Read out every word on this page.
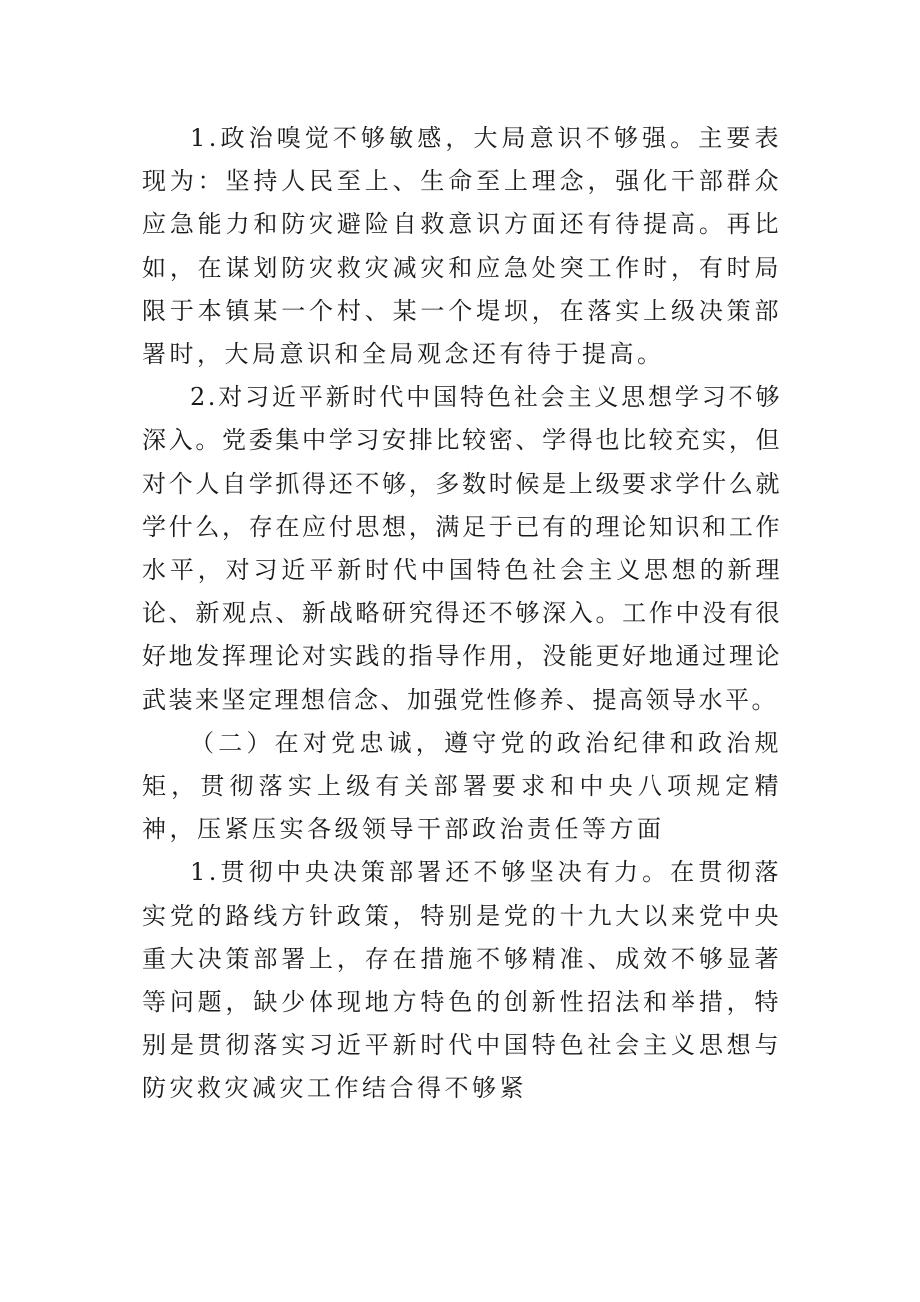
1.政治嗅觉不够敏感，大局意识不够强。主要表现为：坚持人民至上、生命至上理念，强化干部群众应急能力和防灾避险自救意识方面还有待提高。再比如，在谋划防灾救灾减灾和应急处突工作时，有时局限于本镇某一个村、某一个堤坝，在落实上级决策部署时，大局意识和全局观念还有待于提高。

2.对习近平新时代中国特色社会主义思想学习不够深入。党委集中学习安排比较密、学得也比较充实，但对个人自学抓得还不够，多数时候是上级要求学什么就学什么，存在应付思想，满足于已有的理论知识和工作水平，对习近平新时代中国特色社会主义思想的新理论、新观点、新战略研究得还不够深入。工作中没有很好地发挥理论对实践的指导作用，没能更好地通过理论武装来坚定理想信念、加强党性修养、提高领导水平。

（二）在对党忠诚，遵守党的政治纪律和政治规矩，贯彻落实上级有关部署要求和中央八项规定精神，压紧压实各级领导干部政治责任等方面

1.贯彻中央决策部署还不够坚决有力。在贯彻落实党的路线方针政策，特别是党的十九大以来党中央重大决策部署上，存在措施不够精准、成效不够显著等问题，缺少体现地方特色的创新性招法和举措，特别是贯彻落实习近平新时代中国特色社会主义思想与防灾救灾减灾工作结合得不够紧
